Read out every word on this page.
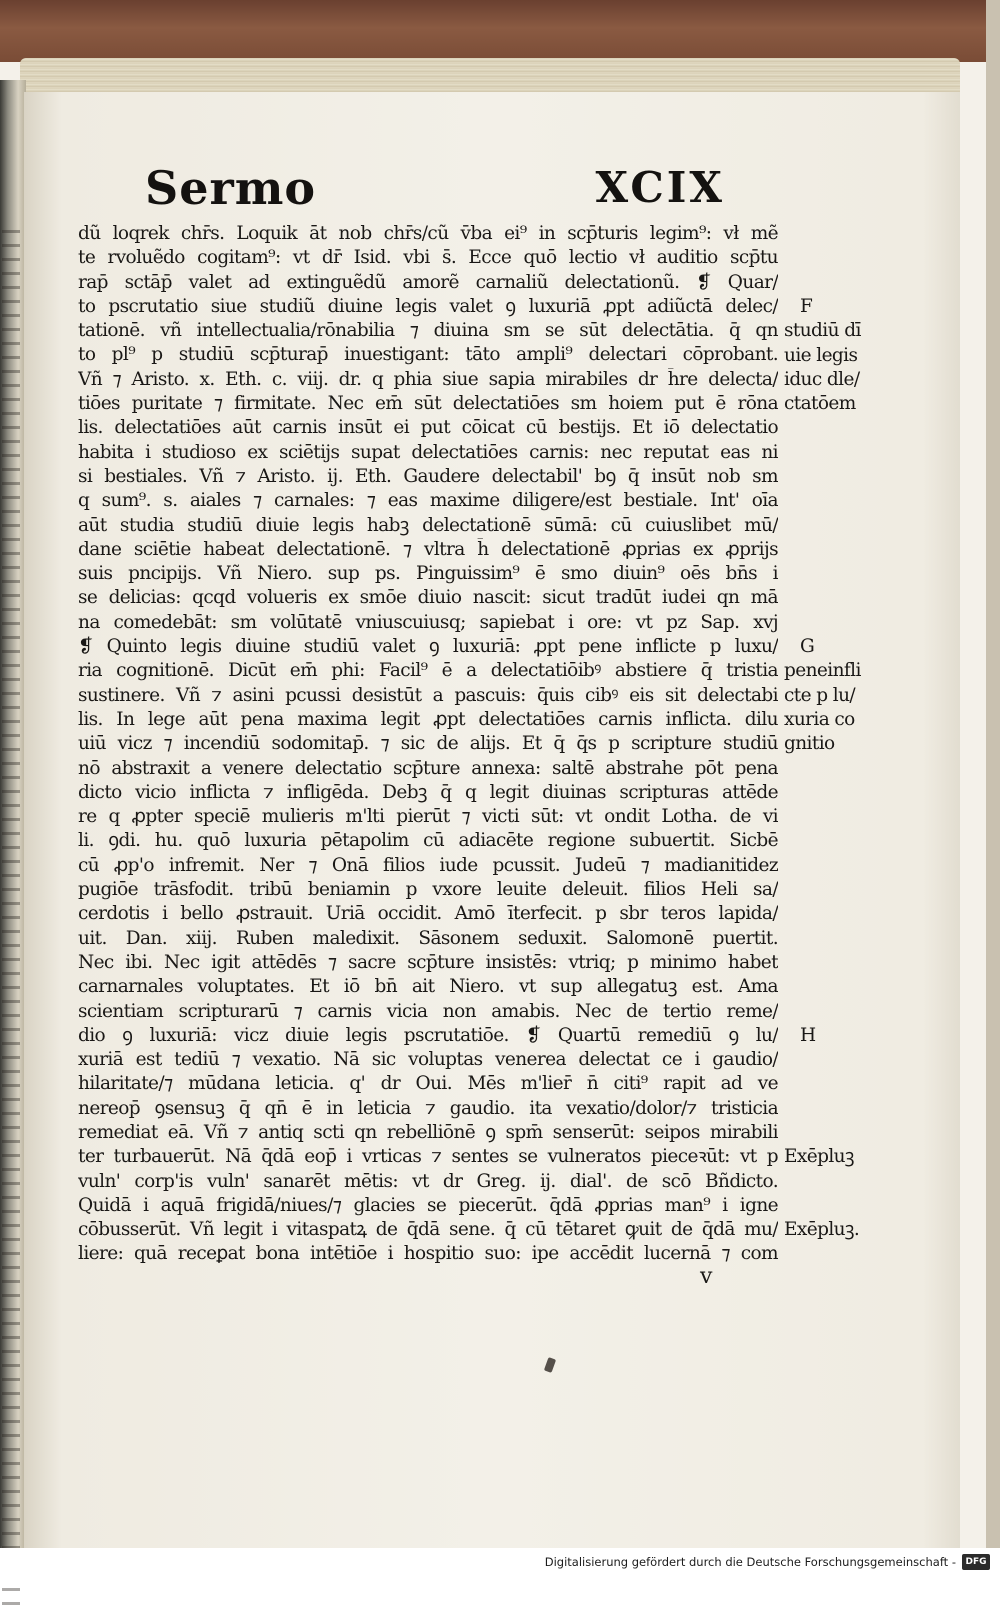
Sermo	XCIX
dũ loqrek chr̄s. Loquik āt nob chr̄s/cũ v̄ba ei⁹ in scp̄turis legim⁹: vł mẽ
te rvoluẽdo cogitam⁹: vt dr̄ Isid. vbi s̄. Ecce quō lectio vł auditio scp̄tu
rap̄ sctāp̄ valet ad extinguẽdũ amorẽ carnaliũ delectationũ. ❡ Quar/
to pscrutatio siue studiũ diuine legis valet ꝯ luxuriā ꝓpt adiũctā delec/
tationē. vñ intellectualia/rōnabilia ⁊ diuina sm se sūt delectātia. q̄ qn
to pl⁹ p studiū scp̄turap̄ inuestigant: tāto ampli⁹ delectari cōprobant.
Vñ ⁊ Aristo. x. Eth. c. viij. dr. q phia siue sapia mirabiles dr h̄re delecta/
tiōes puritate ⁊ firmitate. Nec em̄ sūt delectatiōes sm hoiem put ē rōna
lis. delectatiōes aūt carnis insūt ei put cōicat cū bestijs. Et iō delectatio
habita i studioso ex sciētijs supat delectatiōes carnis: nec reputat eas ni
si bestiales. Vñ ⁊ Aristo. ij. Eth. Gaudere delectabil' bꝯ q̄ insūt nob sm
q sum⁹. s. aiales ⁊ carnales: ⁊ eas maxime diligere/est bestiale. Int' oīa
aūt studia studiū diuie legis habꝫ delectationē sūmā: cū cuiuslibet mū/
dane sciētie habeat delectationē. ⁊ vltra h̄ delectationē ꝓprias ex ꝓprijs
suis pncipijs. Vñ Niero. sup ps. Pinguissim⁹ ē smo diuin⁹ oēs bn̄s i
se delicias: qcqd volueris ex smōe diuio nascit: sicut tradūt iudei qn mā
na comedebāt: sm volūtatē vniuscuiusq; sapiebat i ore: vt pz Sap. xvj
❡ Quinto legis diuine studiū valet ꝯ luxuriā: ꝓpt pene inflicte p luxu/
ria cognitionē. Dicūt em̄ phi: Facil⁹ ē a delectatiōibꝰ abstiere q̄ tristia
sustinere. Vñ ⁊ asini pcussi desistūt a pascuis: q̄uis cibꝰ eis sit delectabi
lis. In lege aūt pena maxima legit ꝓpt delectatiōes carnis inflicta. dilu
uiū vicz ⁊ incendiū sodomitap̄. ⁊ sic de alijs. Et q̄ q̄s p scripture studiū
nō abstraxit a venere delectatio scp̄ture annexa: saltē abstrahe pōt pena
dicto vicio inflicta ⁊ infligēda. Debꝫ q̄ q legit diuinas scripturas attēde
re q ꝓpter speciē mulieris m'lti pierūt ⁊ victi sūt: vt ondit Lotha. de vi
li. ꝯdi. hu. quō luxuria pētapolim cū adiacēte regione subuertit. Sicbē
cū ꝓp'o infremit. Ner ⁊ Onā filios iude pcussit. Judeū ⁊ madianitidez
pugiōe trāsfodit. tribū beniamin p vxore leuite deleuit. filios Heli sa/
cerdotis i bello ꝓstrauit. Uriā occidit. Amō īterfecit. p sbr teros lapida/
uit. Dan. xiij. Ruben maledixit. Sāsonem seduxit. Salomonē puertit.
Nec ibi. Nec igit attēdēs ⁊ sacre scp̄ture insistēs: vtriq; p minimo habet
carnarnales voluptates. Et iō bn̄ ait Niero. vt sup allegatuꝫ est. Ama
scientiam scripturarū ⁊ carnis vicia non amabis. Nec de tertio reme/
dio ꝯ luxuriā: vicz diuie legis pscrutatiōe. ❡ Quartū remediū ꝯ lu/
xuriā est tediū ⁊ vexatio. Nā sic voluptas venerea delectat ce i gaudio/
hilaritate/⁊ mūdana leticia. q' dr Oui. Mēs m'lier̄ n̄ citi⁹ rapit ad ve
nereop̄ ꝯsensuꝫ q̄ qn̄ ē in leticia ⁊ gaudio. ita vexatio/dolor/⁊ tristicia
remediat eā. Vñ ⁊ antiq scti qn rebelliōnē ꝯ spm̄ senserūt: seipos mirabili
ter turbauerūt. Nā q̄dā eop̄ i vrticas ⁊ sentes se vulneratos pieceꝛūt: vt p
vuln' corp'is vuln' sanarēt mētis: vt dr Greg. ij. dial'. de scō Bñdicto.
Quidā i aquā frigidā/niues/⁊ glacies se piecerūt. q̄dā ꝓprias man⁹ i igne
cōbusserūt. Vñ legit i vitaspatꝝ de q̄dā sene. q̄ cū tētaret ꝙuit de q̄dā mu/
liere: quā receꝑat bona intētiōe i hospitio suo: ipe accēdit lucernā ⁊ com
F
studiū dī
uie legis
iduc dle/
ctatōem
G
peneinfli
cte p lu/
xuria co
gnitio
H
Exēpluꝫ
Exēpluꝫ.
v
Digitalisierung gefördert durch die Deutsche Forschungsgemeinschaft -	DFG
